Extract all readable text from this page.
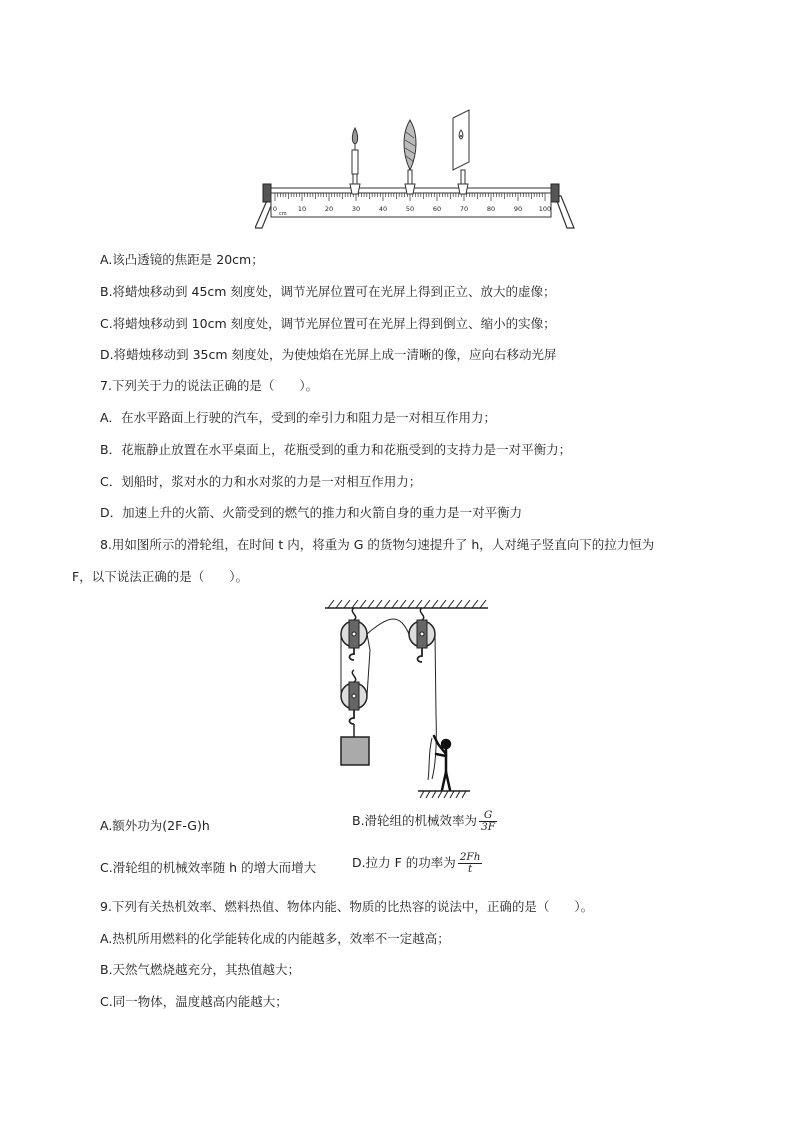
0	10	20	30	40	50	60	70	80	90	100
cm
A.该凸透镜的焦距是 20cm；
B.将蜡烛移动到 45cm 刻度处，调节光屏位置可在光屏上得到正立、放大的虚像；
C.将蜡烛移动到 10cm 刻度处，调节光屏位置可在光屏上得到倒立、缩小的实像；
D.将蜡烛移动到 35cm 刻度处，为使烛焰在光屏上成一清晰的像，应向右移动光屏
7.下列关于力的说法正确的是（　　）。
A．在水平路面上行驶的汽车，受到的牵引力和阻力是一对相互作用力；
B．花瓶静止放置在水平桌面上，花瓶受到的重力和花瓶受到的支持力是一对平衡力；
C．划船时，浆对水的力和水对浆的力是一对相互作用力；
D．加速上升的火箭、火箭受到的燃气的推力和火箭自身的重力是一对平衡力
8.用如图所示的滑轮组，在时间 t 内，将重为 G 的货物匀速提升了 h，人对绳子竖直向下的拉力恒为
F，以下说法正确的是（　　）。
A.额外功为(2F-G)h	B.滑轮组的机械效率为 $\frac{G}{3F}$
C.滑轮组的机械效率随 h 的增大而增大	D.拉力 F 的功率为 $\frac{2Fh}{t}$
9.下列有关热机效率、燃料热值、物体内能、物质的比热容的说法中，正确的是（　　）。
A.热机所用燃料的化学能转化成的内能越多，效率不一定越高；
B.天然气燃烧越充分，其热值越大；
C.同一物体，温度越高内能越大；
